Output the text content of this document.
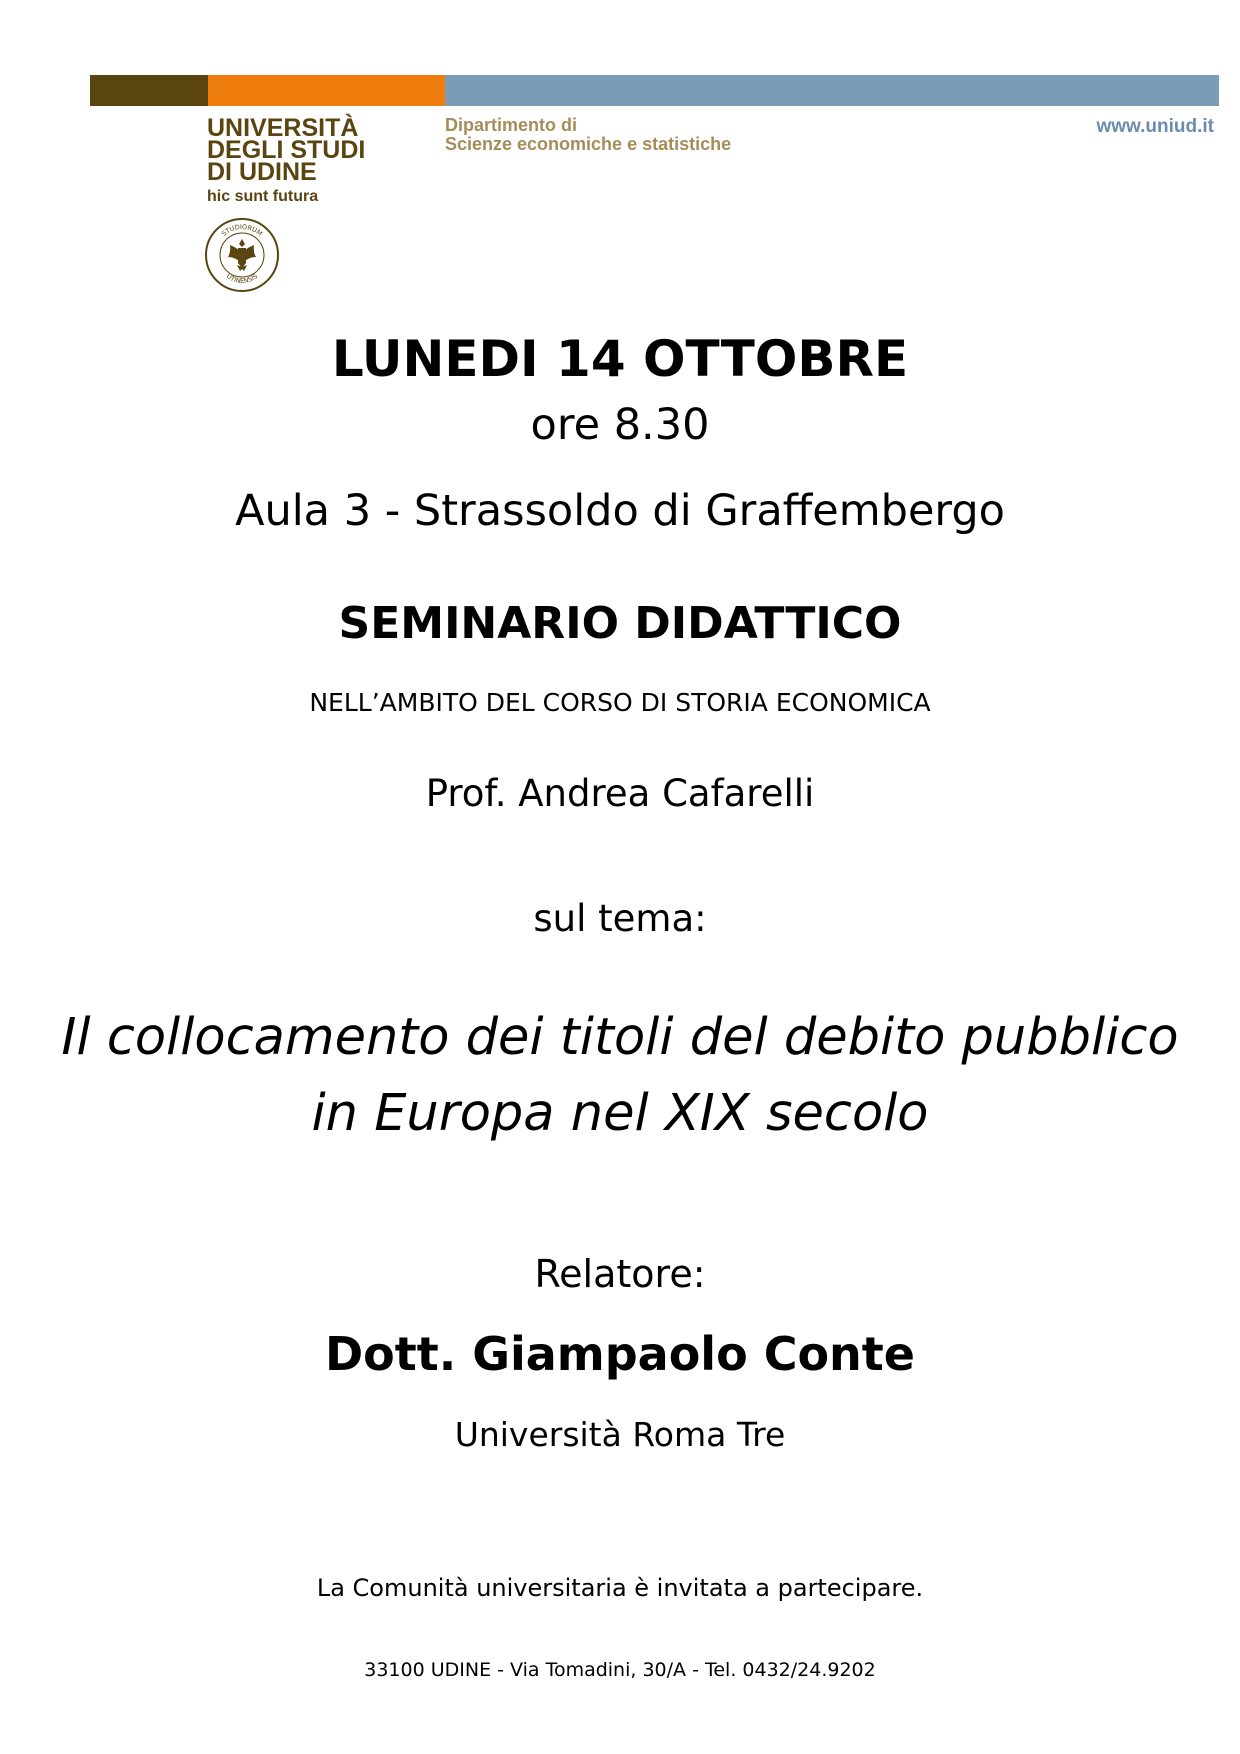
UNIVERSITÀ
DEGLI STUDI
DI UDINE
hic sunt futura
STUDIORUM
UTINENSIS
Dipartimento di
Scienze economiche e statistiche
www.uniud.it

LUNEDI 14 OTTOBRE

ore 8.30

Aula 3 - Strassoldo di Graffembergo

SEMINARIO DIDATTICO

NELL’AMBITO DEL CORSO DI STORIA ECONOMICA

Prof. Andrea Cafarelli

sul tema:

Il collocamento dei titoli del debito pubblico
in Europa nel XIX secolo

Relatore:

Dott. Giampaolo Conte

Università Roma Tre

La Comunità universitaria è invitata a partecipare.

33100 UDINE - Via Tomadini, 30/A - Tel. 0432/24.9202
